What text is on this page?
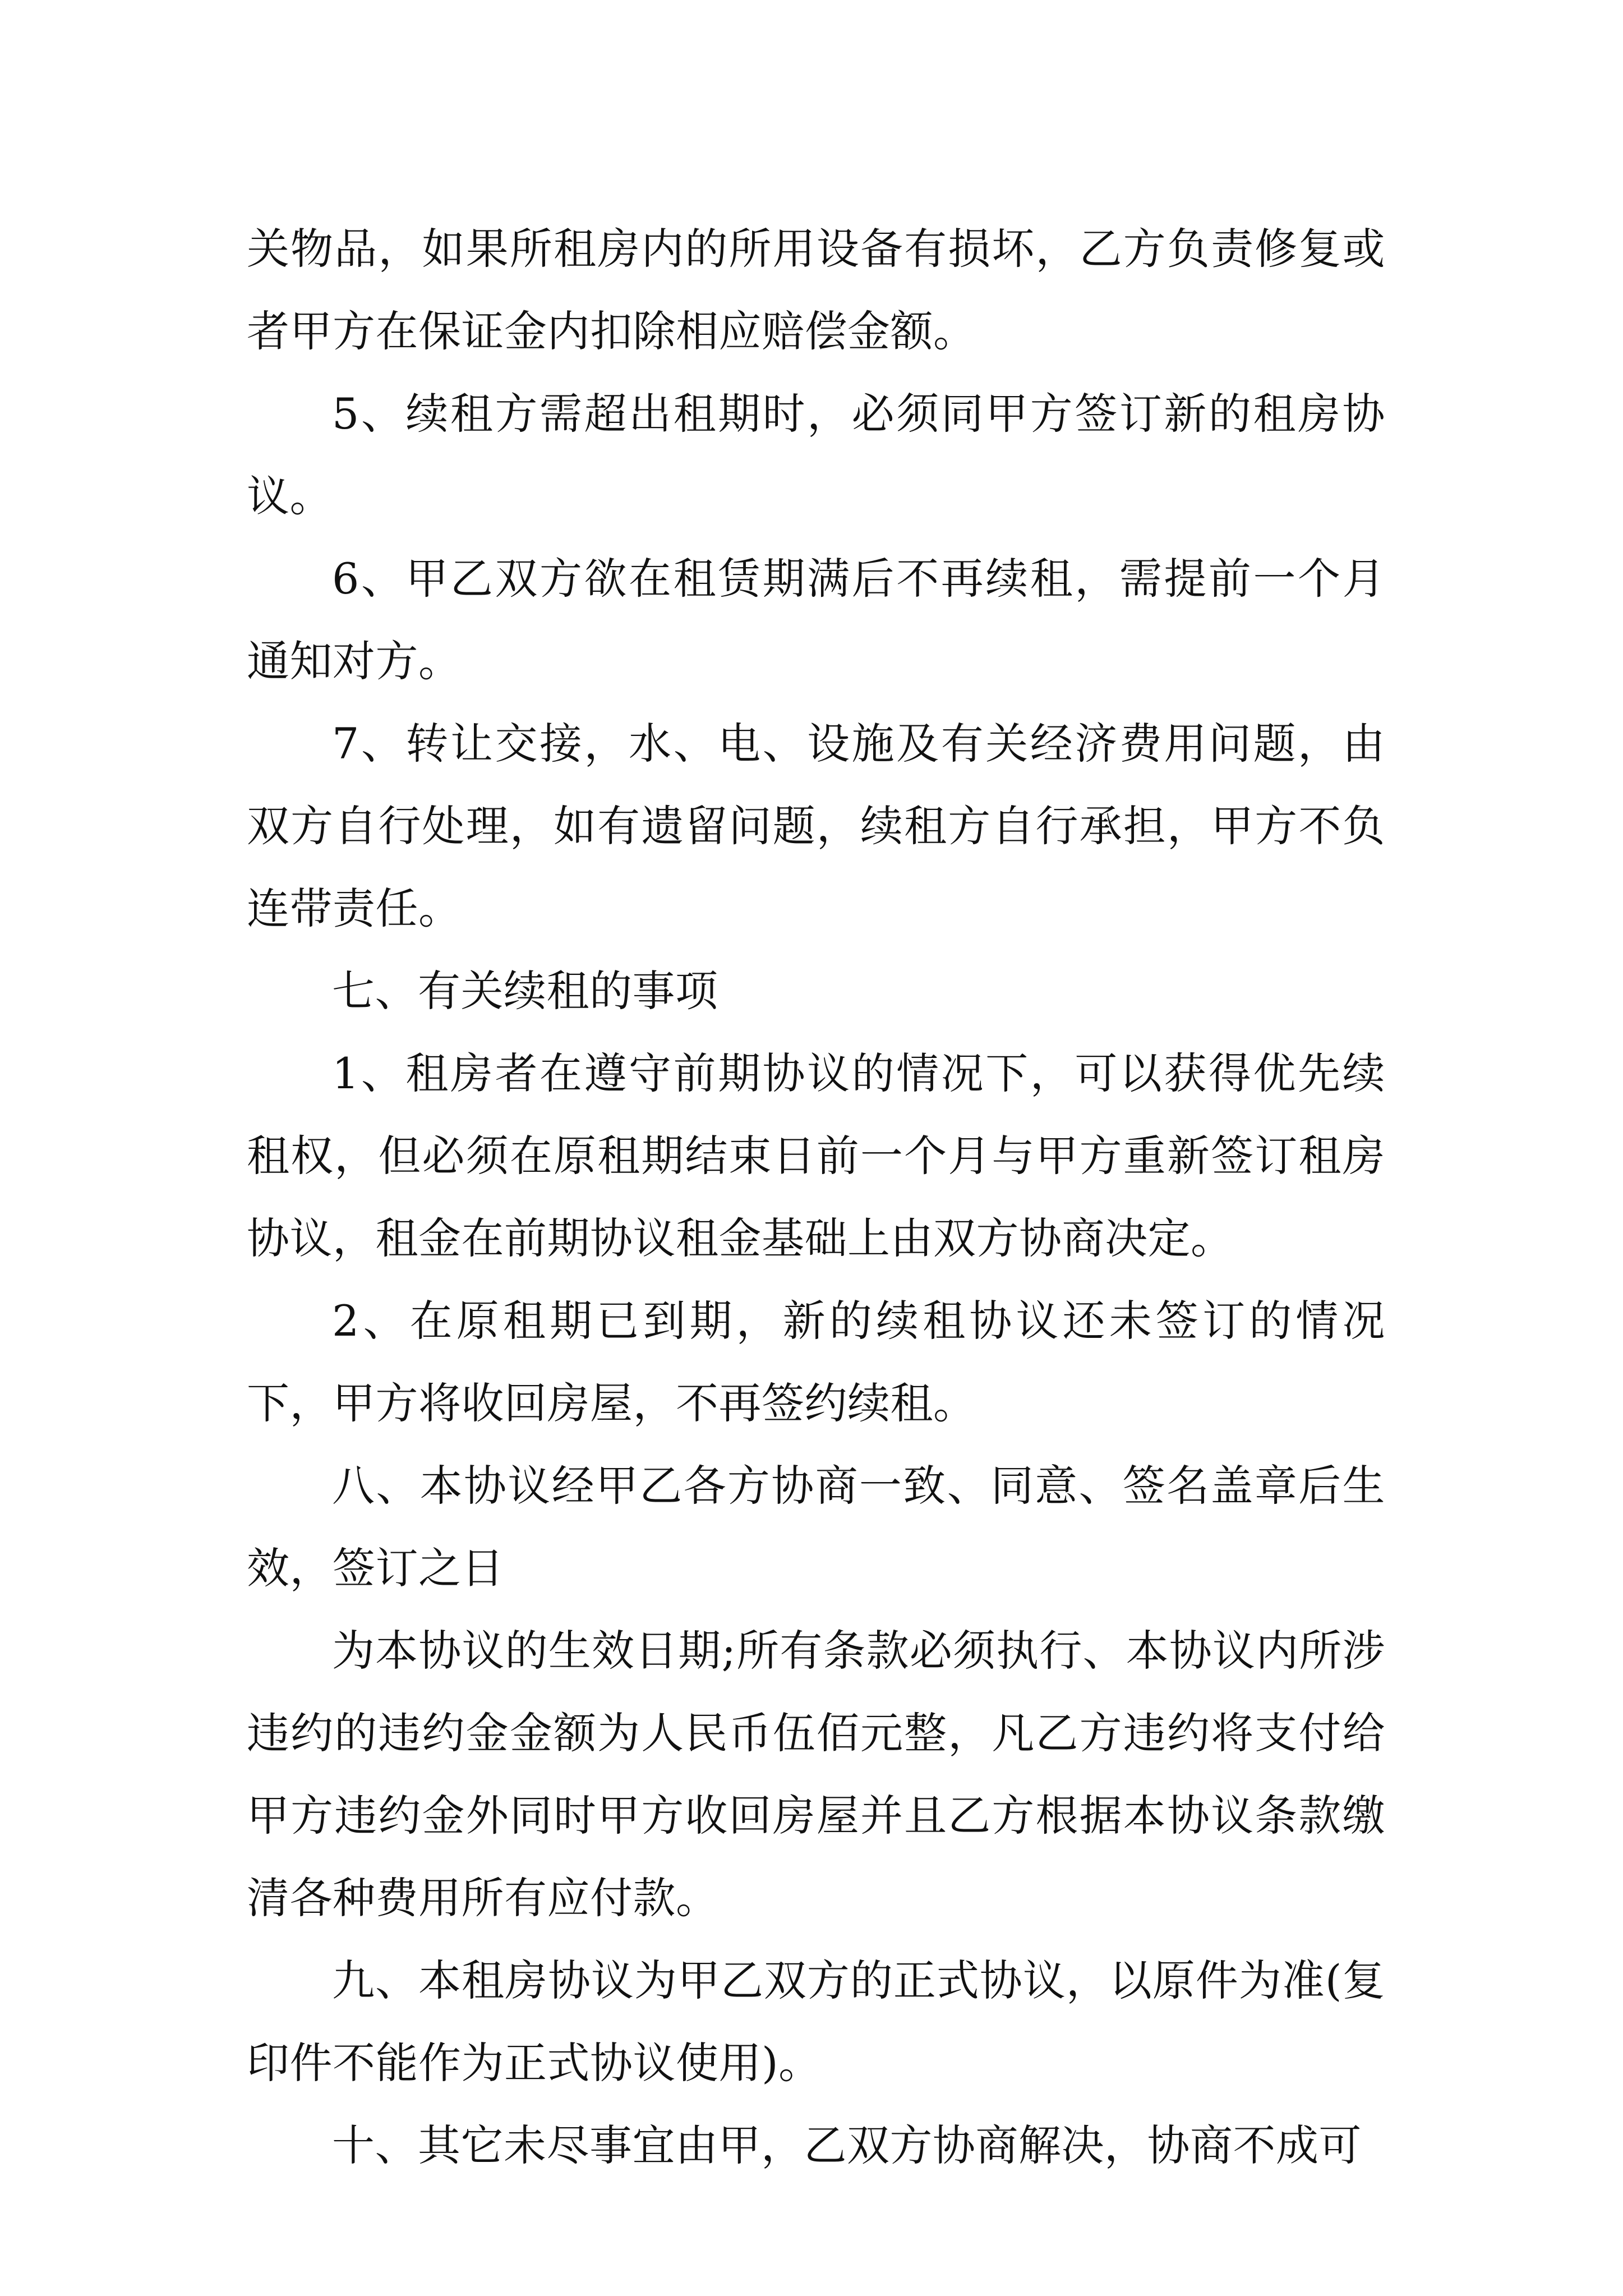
关物品，如果所租房内的所用设备有损坏，乙方负责修复或者甲方在保证金内扣除相应赔偿金额。

5、续租方需超出租期时，必须同甲方签订新的租房协议。

6、甲乙双方欲在租赁期满后不再续租，需提前一个月通知对方。

7、转让交接，水、电、设施及有关经济费用问题，由双方自行处理，如有遗留问题，续租方自行承担，甲方不负连带责任。

七、有关续租的事项

1、租房者在遵守前期协议的情况下，可以获得优先续租权，但必须在原租期结束日前一个月与甲方重新签订租房协议，租金在前期协议租金基础上由双方协商决定。

2、在原租期已到期，新的续租协议还未签订的情况下，甲方将收回房屋，不再签约续租。

八、本协议经甲乙各方协商一致、同意、签名盖章后生效，签订之日

为本协议的生效日期;所有条款必须执行、本协议内所涉违约的违约金金额为人民币伍佰元整，凡乙方违约将支付给甲方违约金外同时甲方收回房屋并且乙方根据本协议条款缴清各种费用所有应付款。

九、本租房协议为甲乙双方的正式协议，以原件为准(复印件不能作为正式协议使用)。

十、其它未尽事宜由甲，乙双方协商解决，协商不成可
